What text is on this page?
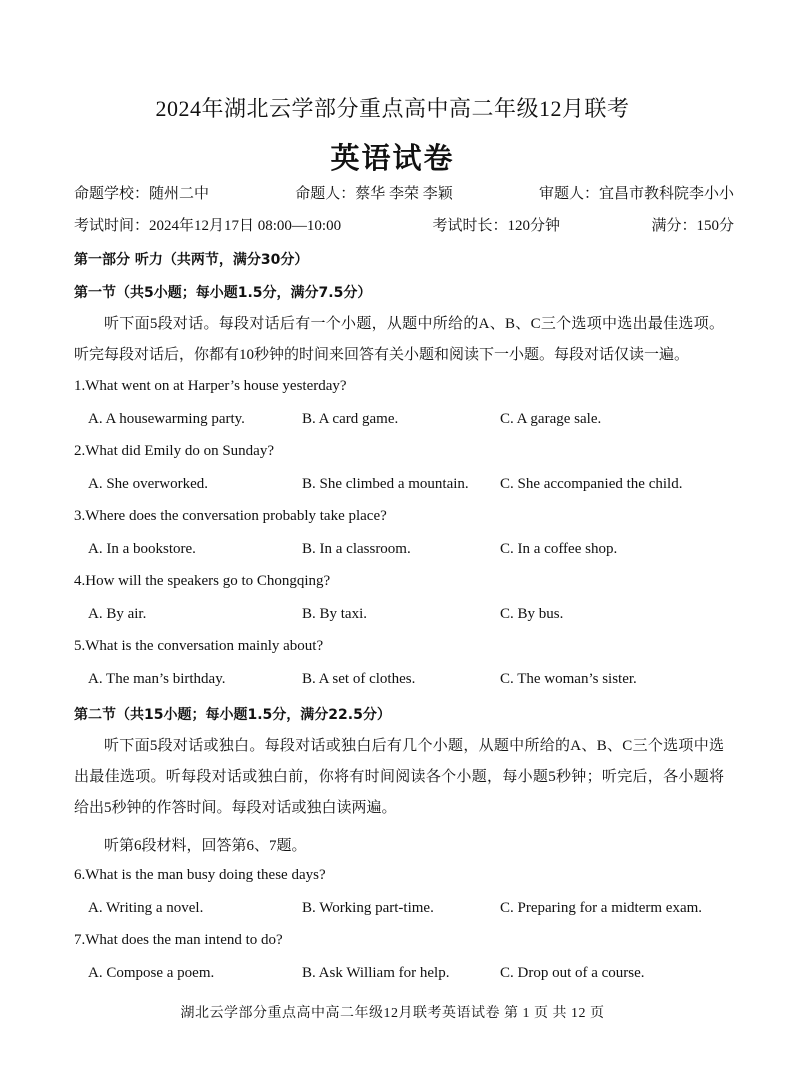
2024年湖北云学部分重点高中高二年级12月联考
英语试卷
命题学校：随州二中	命题人：蔡华 李荣 李颖	审题人：宜昌市教科院李小小
考试时间：2024年12月17日 08:00—10:00	考试时长：120分钟	满分：150分
第一部分 听力（共两节，满分30分）
第一节（共5小题；每小题1.5分，满分7.5分）
听下面5段对话。每段对话后有一个小题，从题中所给的A、B、C三个选项中选出最佳选项。听完每段对话后，你都有10秒钟的时间来回答有关小题和阅读下一小题。每段对话仅读一遍。
1.What went on at Harper’s house yesterday?
A. A housewarming party.	B. A card game.	C. A garage sale.
2.What did Emily do on Sunday?
A. She overworked.	B. She climbed a mountain. C. She accompanied the child.
3.Where does the conversation probably take place?
A. In a bookstore.	B. In a classroom.	C. In a coffee shop.
4.How will the speakers go to Chongqing?
A. By air.	B. By taxi.	C. By bus.
5.What is the conversation mainly about?
A. The man’s birthday.	B. A set of clothes.	C. The woman’s sister.
第二节（共15小题；每小题1.5分，满分22.5分）
听下面5段对话或独白。每段对话或独白后有几个小题，从题中所给的A、B、C三个选项中选出最佳选项。听每段对话或独白前，你将有时间阅读各个小题，每小题5秒钟；听完后，各小题将给出5秒钟的作答时间。每段对话或独白读两遍。
听第6段材料，回答第6、7题。
6.What is the man busy doing these days?
A. Writing a novel.	B. Working part-time.	C. Preparing for a midterm exam.
7.What does the man intend to do?
A. Compose a poem.	B. Ask William for help.	C. Drop out of a course.
湖北云学部分重点高中高二年级12月联考英语试卷 第 1 页 共 12 页
